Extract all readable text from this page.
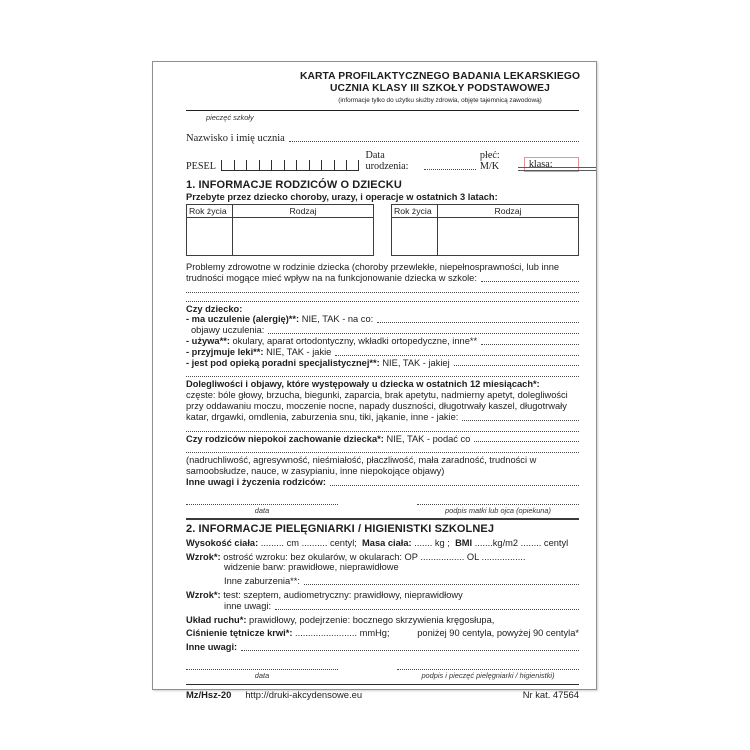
KARTA PROFILAKTYCZNEGO BADANIA LEKARSKIEGO
UCZNIA KLASY III SZKOŁY PODSTAWOWEJ
(informacje tylko do użytku służby zdrowia, objęte tajemnicą zawodową)
pieczęć szkoły
Nazwisko i imię ucznia
PESEL
Data urodzenia:
płeć: M/K	klasa:
1. INFORMACJE RODZICÓW O DZIECKU
Przebyte przez dziecko choroby, urazy, i operacje w ostatnich 3 latach:
Rok życia	Rodzaj	Rok życia	Rodzaj
Problemy zdrowotne w rodzinie dziecka (choroby przewlekłe, niepełnosprawności, lub inne
trudności mogące mieć wpływ na na funkcjonowanie dziecka w szkole:
Czy dziecko:
- ma uczulenie (alergię)**: NIE, TAK - na co:
objawy uczulenia:
- używa**: okulary, aparat ortodontyczny, wkładki ortopedyczne, inne**
- przyjmuje leki**: NIE, TAK - jakie
- jest pod opieką poradni specjalistycznej**: NIE, TAK - jakiej
Dolegliwości i objawy, które występowały u dziecka w ostatnich 12 miesiącach*:
częste: bóle głowy, brzucha, biegunki, zaparcia, brak apetytu, nadmierny apetyt, dolegliwości
przy oddawaniu moczu, moczenie nocne, napady duszności, długotrwały kaszel, długotrwały
katar, drgawki, omdlenia, zaburzenia snu, tiki, jąkanie, inne - jakie:
Czy rodziców niepokoi zachowanie dziecka*: NIE, TAK - podać co
(nadruchliwość, agresywność, nieśmiałość, płaczliwość, mała zaradność, trudności w
samoobsłudze, nauce, w zasypianiu, inne niepokojące objawy)
Inne uwagi i życzenia rodziców:
data	podpis matki lub ojca (opiekuna)
2. INFORMACJE PIELĘGNIARKI / HIGIENISTKI SZKOLNEJ
Wysokość ciała: ......... cm .......... centyl; Masa ciała: ....... kg ; BMI .......kg/m2 ........ centyl
Wzrok*: ostrość wzroku: bez okularów, w okularach: OP ................. OL .................
widzenie barw: prawidłowe, nieprawidłowe
Inne zaburzenia**:
Wzrok*: test: szeptem, audiometryczny: prawidłowy, nieprawidłowy
inne uwagi:
Układ ruchu*: prawidłowy, podejrzenie: bocznego skrzywienia kręgosłupa,
Ciśnienie tętnicze krwi*: ........................ mmHg;	poniżej 90 centyla, powyżej 90 centyla*
Inne uwagi:
data	podpis i pieczęć pielęgniarki / higienistki)
Mz/Hsz-20 http://druki-akcydensowe.eu	Nr kat. 47564
